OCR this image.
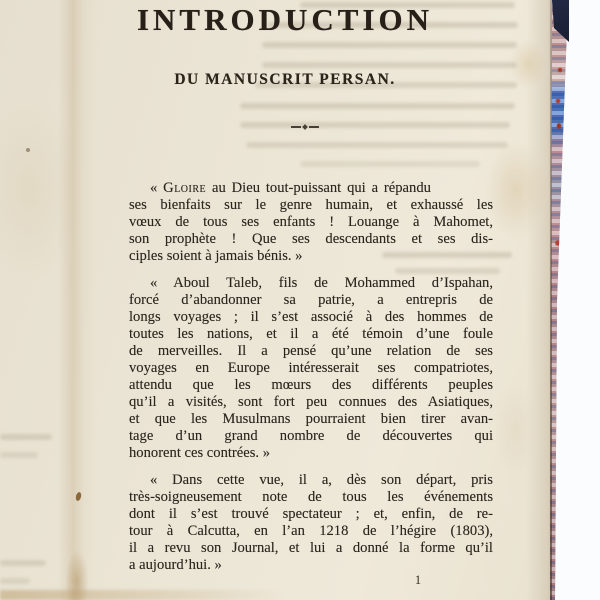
INTRODUCTION
DU MANUSCRIT PERSAN.
« Gloire au Dieu tout-puissant qui a répandu
ses bienfaits sur le genre humain, et exhaussé les
vœux de tous ses enfants ! Louange à Mahomet,
son prophète ! Que ses descendants et ses dis-
ciples soient à jamais bénis. »
« Aboul Taleb, fils de Mohammed d’Ispahan,
forcé d’abandonner sa patrie, a entrepris de
longs voyages ; il s’est associé à des hommes de
toutes les nations, et il a été témoin d’une foule
de merveilles. Il a pensé qu’une relation de ses
voyages en Europe intéresserait ses compatriotes,
attendu que les mœurs des différents peuples
qu’il a visités, sont fort peu connues des Asiatiques,
et que les Musulmans pourraient bien tirer avan-
tage d’un grand nombre de découvertes qui
honorent ces contrées. »
« Dans cette vue, il a, dès son départ, pris
très-soigneusement note de tous les événements
dont il s’est trouvé spectateur ; et, enfin, de re-
tour à Calcutta, en l’an 1218 de l’hégire (1803),
il a revu son Journal, et lui a donné la forme qu’il
a aujourd’hui. »
1
